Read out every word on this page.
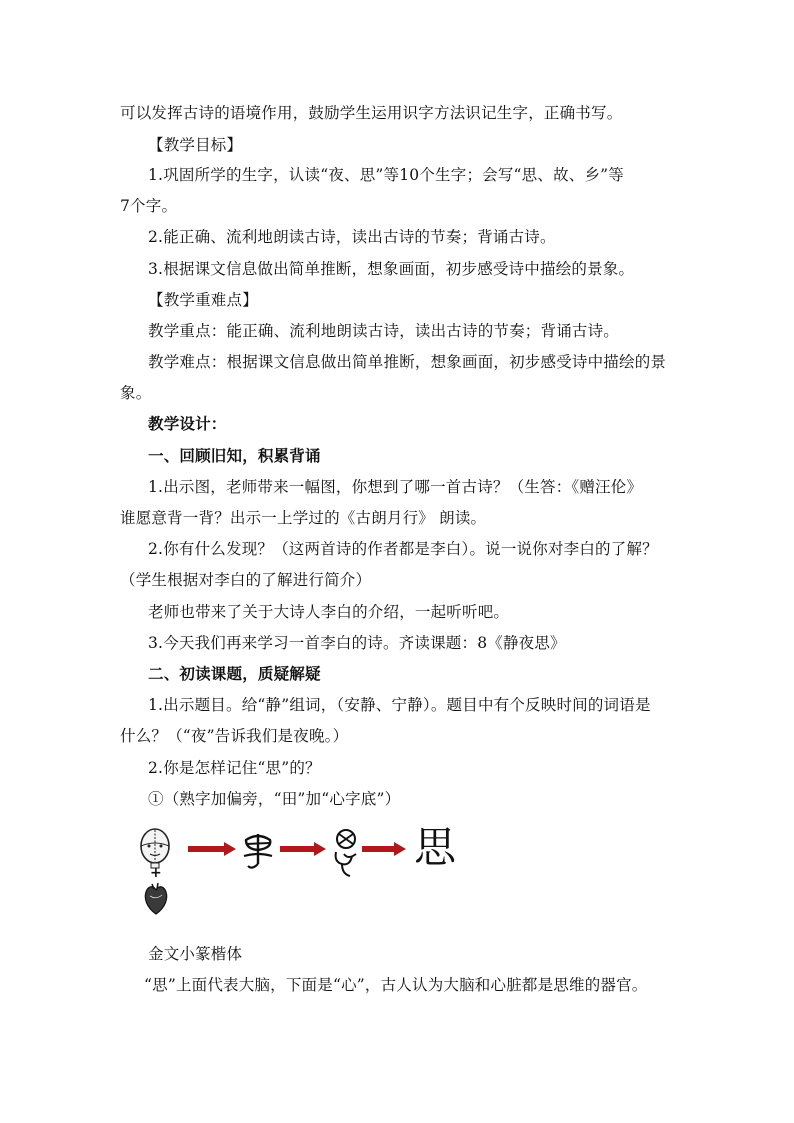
可以发挥古诗的语境作用，鼓励学生运用识字方法识记生字，正确书写。
【教学目标】
1.巩固所学的生字，认读“夜、思”等10个生字；会写“思、故、乡”等
7个字。
2.能正确、流利地朗读古诗，读出古诗的节奏；背诵古诗。
3.根据课文信息做出简单推断，想象画面，初步感受诗中描绘的景象。
【教学重难点】
教学重点：能正确、流利地朗读古诗，读出古诗的节奏；背诵古诗。
教学难点：根据课文信息做出简单推断，想象画面，初步感受诗中描绘的景
象。
教学设计：
一、回顾旧知，积累背诵
1.出示图，老师带来一幅图，你想到了哪一首古诗？（生答：《赠汪伦》
谁愿意背一背？出示一上学过的《古朗月行》 朗读。
2.你有什么发现？（这两首诗的作者都是李白）。说一说你对李白的了解？
（学生根据对李白的了解进行简介）
老师也带来了关于大诗人李白的介绍，一起听听吧。
3.今天我们再来学习一首李白的诗。齐读课题：8《静夜思》
二、初读课题，质疑解疑
1.出示题目。给“静”组词，（安静、宁静）。题目中有个反映时间的词语是
什么？（“夜”告诉我们是夜晚。）
2.你是怎样记住“思”的？
①（熟字加偏旁，“田”加“心字底”）
+
思
金文小篆楷体
“思”上面代表大脑，下面是“心”，古人认为大脑和心脏都是思维的器官。
